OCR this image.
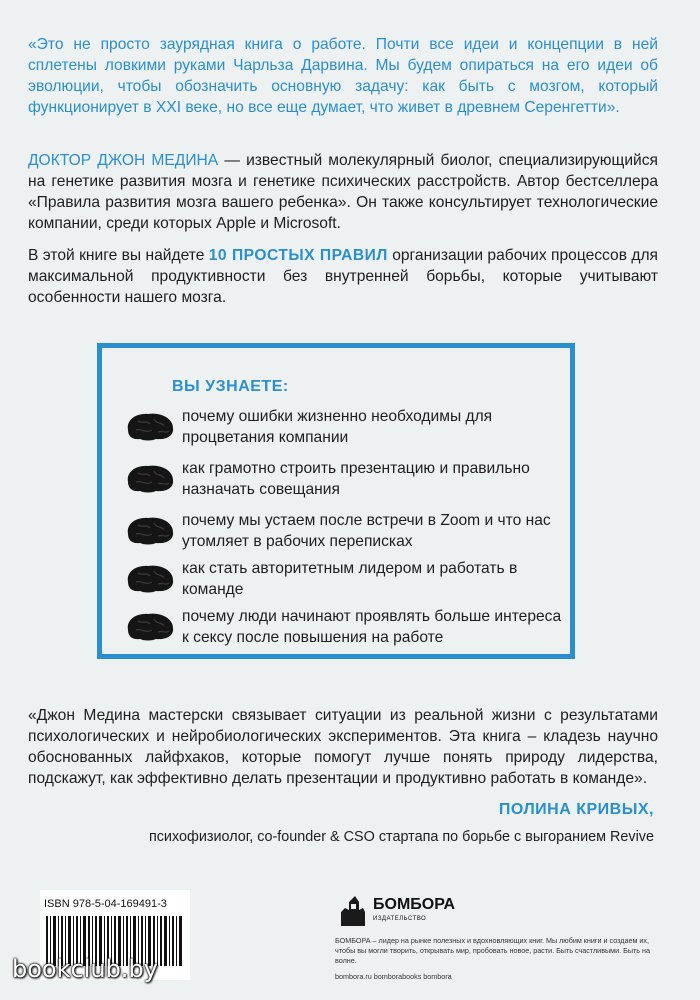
«Это не просто заурядная книга о работе. Почти все идеи и концепции в ней сплетены ловкими руками Чарльза Дарвина. Мы будем опираться на его идеи об эволюции, чтобы обозначить основную задачу: как быть с мозгом, который функционирует в XXI веке, но все еще думает, что живет в древнем Серенгетти».

ДОКТОР ДЖОН МЕДИНА — известный молекулярный биолог, специализирующийся на генетике развития мозга и генетике психических расстройств. Автор бестселлера «Правила развития мозга вашего ребенка». Он также консультирует технологические компании, среди которых Apple и Microsoft.

В этой книге вы найдете 10 ПРОСТЫХ ПРАВИЛ организации рабочих процессов для максимальной продуктивности без внутренней борьбы, которые учитывают особенности нашего мозга.

ВЫ УЗНАЕТЕ:
почему ошибки жизненно необходимы для процветания компании
как грамотно строить презентацию и правильно назначать совещания
почему мы устаем после встречи в Zoom и что нас утомляет в рабочих переписках
как стать авторитетным лидером и работать в команде
почему люди начинают проявлять больше интереса к сексу после повышения на работе

«Джон Медина мастерски связывает ситуации из реальной жизни с результатами психологических и нейробиологических экспериментов. Эта книга – кладезь научно обоснованных лайфхаков, которые помогут лучше понять природу лидерства, подскажут, как эффективно делать презентации и продуктивно работать в команде».

ПОЛИНА КРИВЫХ,
психофизиолог, co-founder & CSO стартапа по борьбе с выгоранием Revive
ISBN 978-5-04-169491-3
bookclub.by
БОМБОРА
ИЗДАТЕЛЬСТВО
БОМБОРА – лидер на рынке полезных и вдохновляющих книг. Мы любим книги и создаем их, чтобы вы могли творить, открывать мир, пробовать новое, расти. Быть счастливыми. Быть на волне.
bombora.ru bomborabooks bombora
